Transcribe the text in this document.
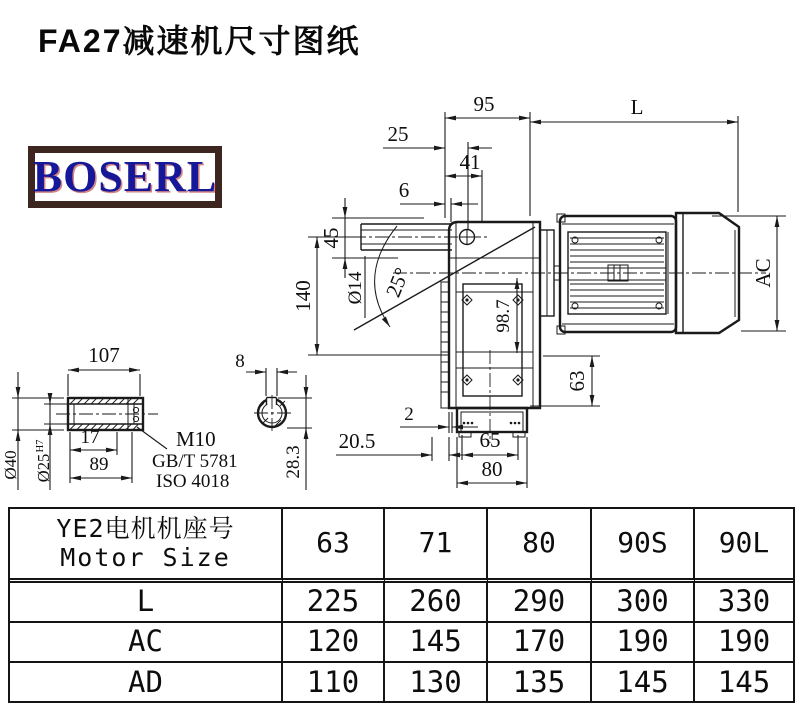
FA27减速机尺寸图纸
BOSERL
95	L
25
41
6
45
140 Ø14 25°
98.7
AC
63
2
20.5	65
80
107
17
89
Ø40 Ø25
H7	M10
GB/T 5781
ISO 4018
8
28.3
YE2电机机座号
Motor Size	63	71	80	90S	90L
L	225	260	290	300	330
AC	120	145	170	190	190
AD	110	130	135	145	145
